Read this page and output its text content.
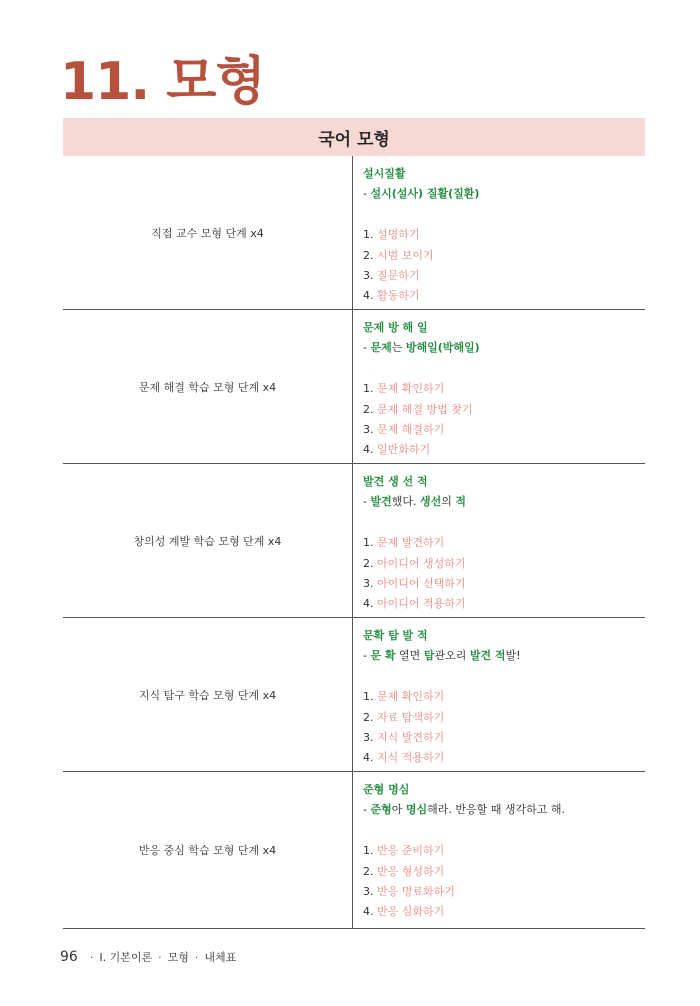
11. 모형
국어 모형
직접 교수 모형 단계 x4
설시질활
- 설시(설사) 질활(질환)
1. 설명하기
2. 시범 보이기
3. 질문하기
4. 활동하기
문제 해결 학습 모형 단계 x4
문제 방 해 일
- 문제는 방해일(박해일)
1. 문제 확인하기
2. 문제 해결 방법 찾기
3. 문제 해결하기
4. 일반화하기
창의성 계발 학습 모형 단계 x4
발견 생 선 적
- 발견했다. 생선의 적
1. 문제 발견하기
2. 아이디어 생성하기
3. 아이디어 선택하기
4. 아이디어 적용하기
지식 탐구 학습 모형 단계 x4
문확 탐 발 적
- 문 확 열면 탐관오리 발견 적발!
1. 문제 확인하기
2. 자료 탐색하기
3. 지식 발견하기
4. 지식 적용하기
반응 중심 학습 모형 단계 x4
준형 명심
- 준형아 명심해라. 반응할 때 생각하고 해.
1. 반응 준비하기
2. 반응 형성하기
3. 반응 명료화하기
4. 반응 심화하기
96 · Ⅰ. 기본이론 · 모형 · 내체표
